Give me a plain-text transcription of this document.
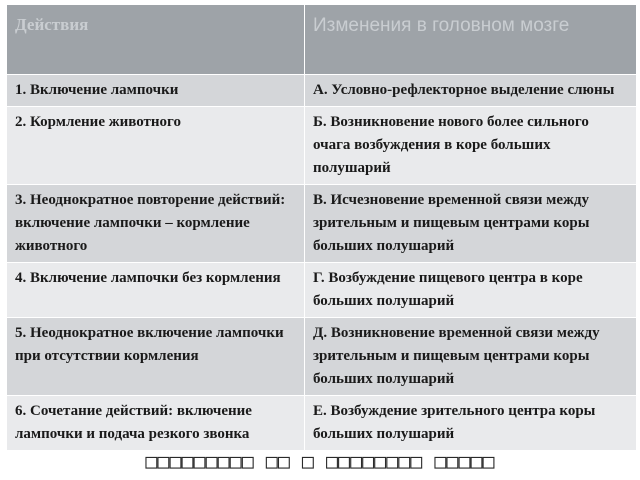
Действия	Изменения в головном мозге
1. Включение лампочки	А. Условно-рефлекторное выделение слюны
2. Кормление животного	Б. Возникновение нового более сильного очага возбуждения в коре больших полушарий
3. Неоднократное повторение действий: включение лампочки – кормление животного	В. Исчезновение временной связи между зрительным и пищевым центрами коры больших полушарий
4. Включение лампочки без кормления	Г. Возбуждение пищевого центра в коре больших полушарий
5. Неоднократное включение лампочки при отсутствии кормления	Д. Возникновение временной связи между зрительным и пищевым центрами коры больших полушарий
6. Сочетание действий: включение лампочки и подача резкого звонка	Е. Возбуждение зрительного центра коры больших полушарий
□□□□□□□□□ □□ □ □□□□□□□□ □□□□□
